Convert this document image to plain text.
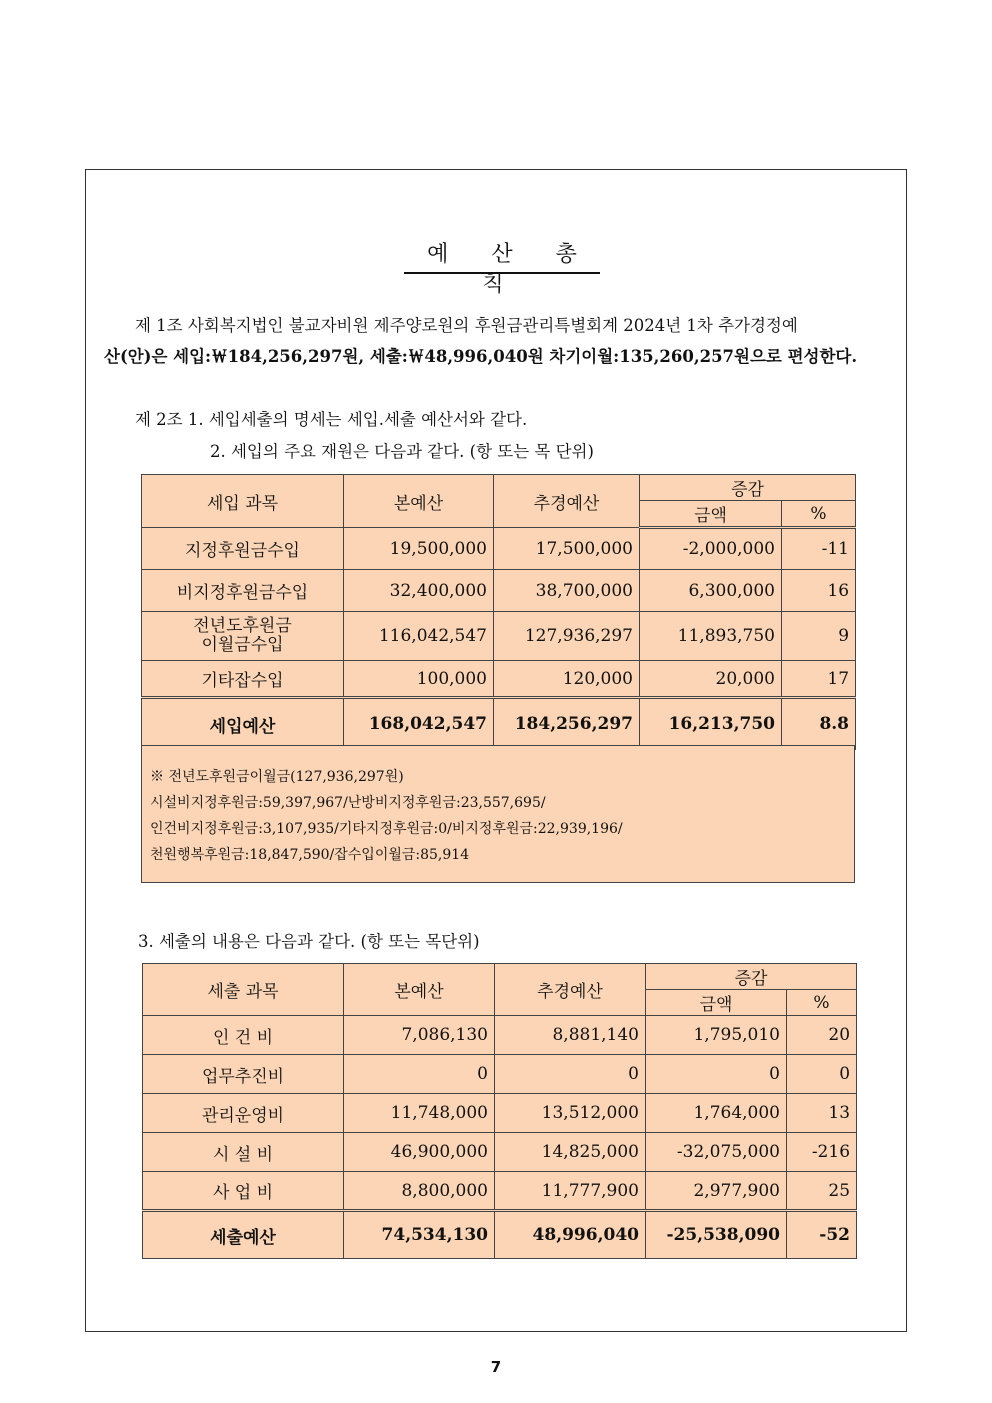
예 산 총 칙
제 1조 사회복지법인 불교자비원 제주양로원의 후원금관리특별회계 2024년 1차 추가경정예
산(안)은 세입:￦184,256,297원, 세출:￦48,996,040원 차기이월:135,260,257원으로 편성한다.
제 2조 1. 세입세출의 명세는 세입.세출 예산서와 같다.
2. 세입의 주요 재원은 다음과 같다. (항 또는 목 단위)
세입 과목	본예산	추경예산	증감	
			금액	%
지정후원금수입	19,500,000	17,500,000	-2,000,000	-11
비지정후원금수입	32,400,000	38,700,000	6,300,000	16

전년도후원금
이월금수입	116,042,547	127,936,297	11,893,750	9
기타잡수입	100,000	120,000	20,000	17
세입예산	168,042,547	184,256,297	16,213,750	8.8
※ 전년도후원금이월금(127,936,297원)
시설비지정후원금:59,397,967/난방비지정후원금:23,557,695/
인건비지정후원금:3,107,935/기타지정후원금:0/비지정후원금:22,939,196/
천원행복후원금:18,847,590/잡수입이월금:85,914
3. 세출의 내용은 다음과 같다. (항 또는 목단위)
세출 과목	본예산	추경예산	증감	
			금액	%
인 건 비	7,086,130	8,881,140	1,795,010	20
업무추진비	0	0	0	0
관리운영비	11,748,000	13,512,000	1,764,000	13
시 설 비	46,900,000	14,825,000	-32,075,000	-216
사 업 비	8,800,000	11,777,900	2,977,900	25
세출예산	74,534,130	48,996,040	-25,538,090	-52
7
